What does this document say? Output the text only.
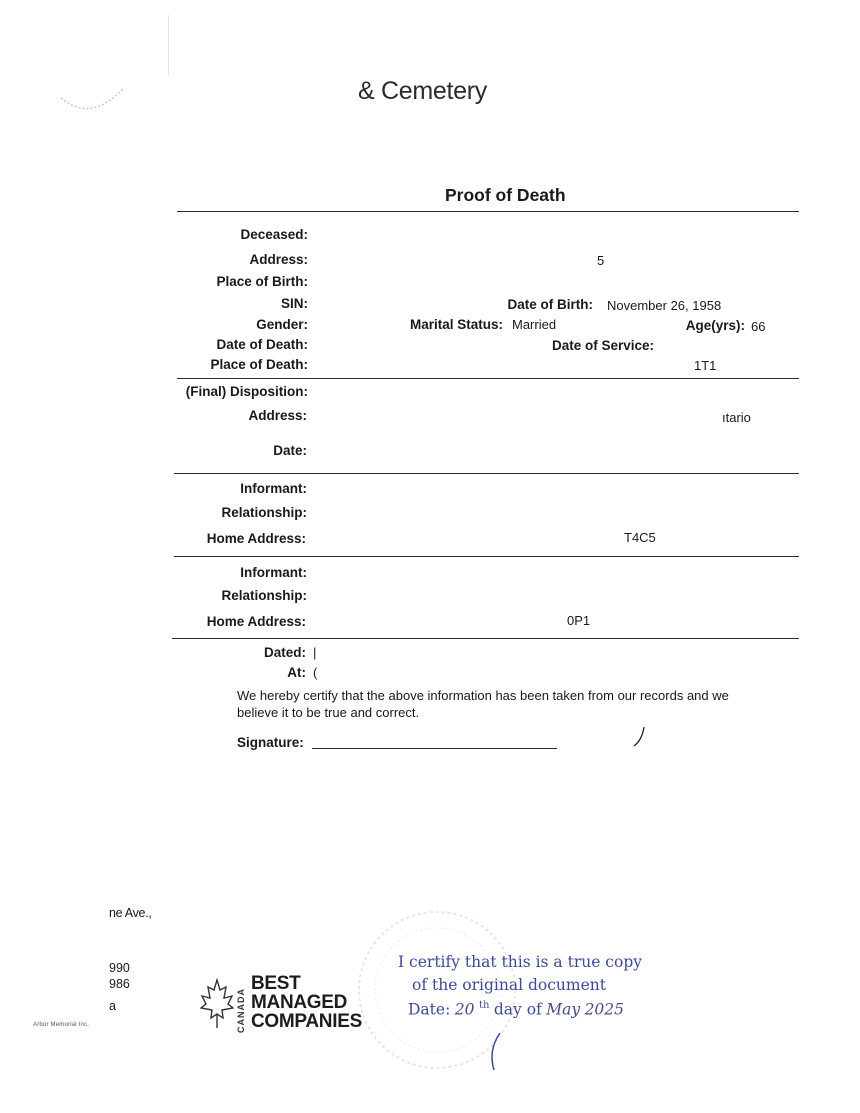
& Cemetery
Proof of Death
Deceased:
Address:	5
Place of Birth:
SIN:	Date of Birth: November 26, 1958
Gender:	Marital Status: Married	Age(yrs): 66
Date of Death:	Date of Service:
Place of Death:	1T1
(Final) Disposition:
Address:	ıtario
Date:
Informant:
Relationship:
Home Address:	T4C5
Informant:
Relationship:
Home Address:	0P1
Dated: |
At: (
We hereby certify that the above information has been taken from our records and we believe it to be true and correct.
Signature:
ne Ave.,
990
986
a
Arbor Memorial Inc.	CANADA
BEST
MANAGED
COMPANIES
I certify that this is a true copy
of the original document
Date: 20 $^{th}$ day of May 2025
